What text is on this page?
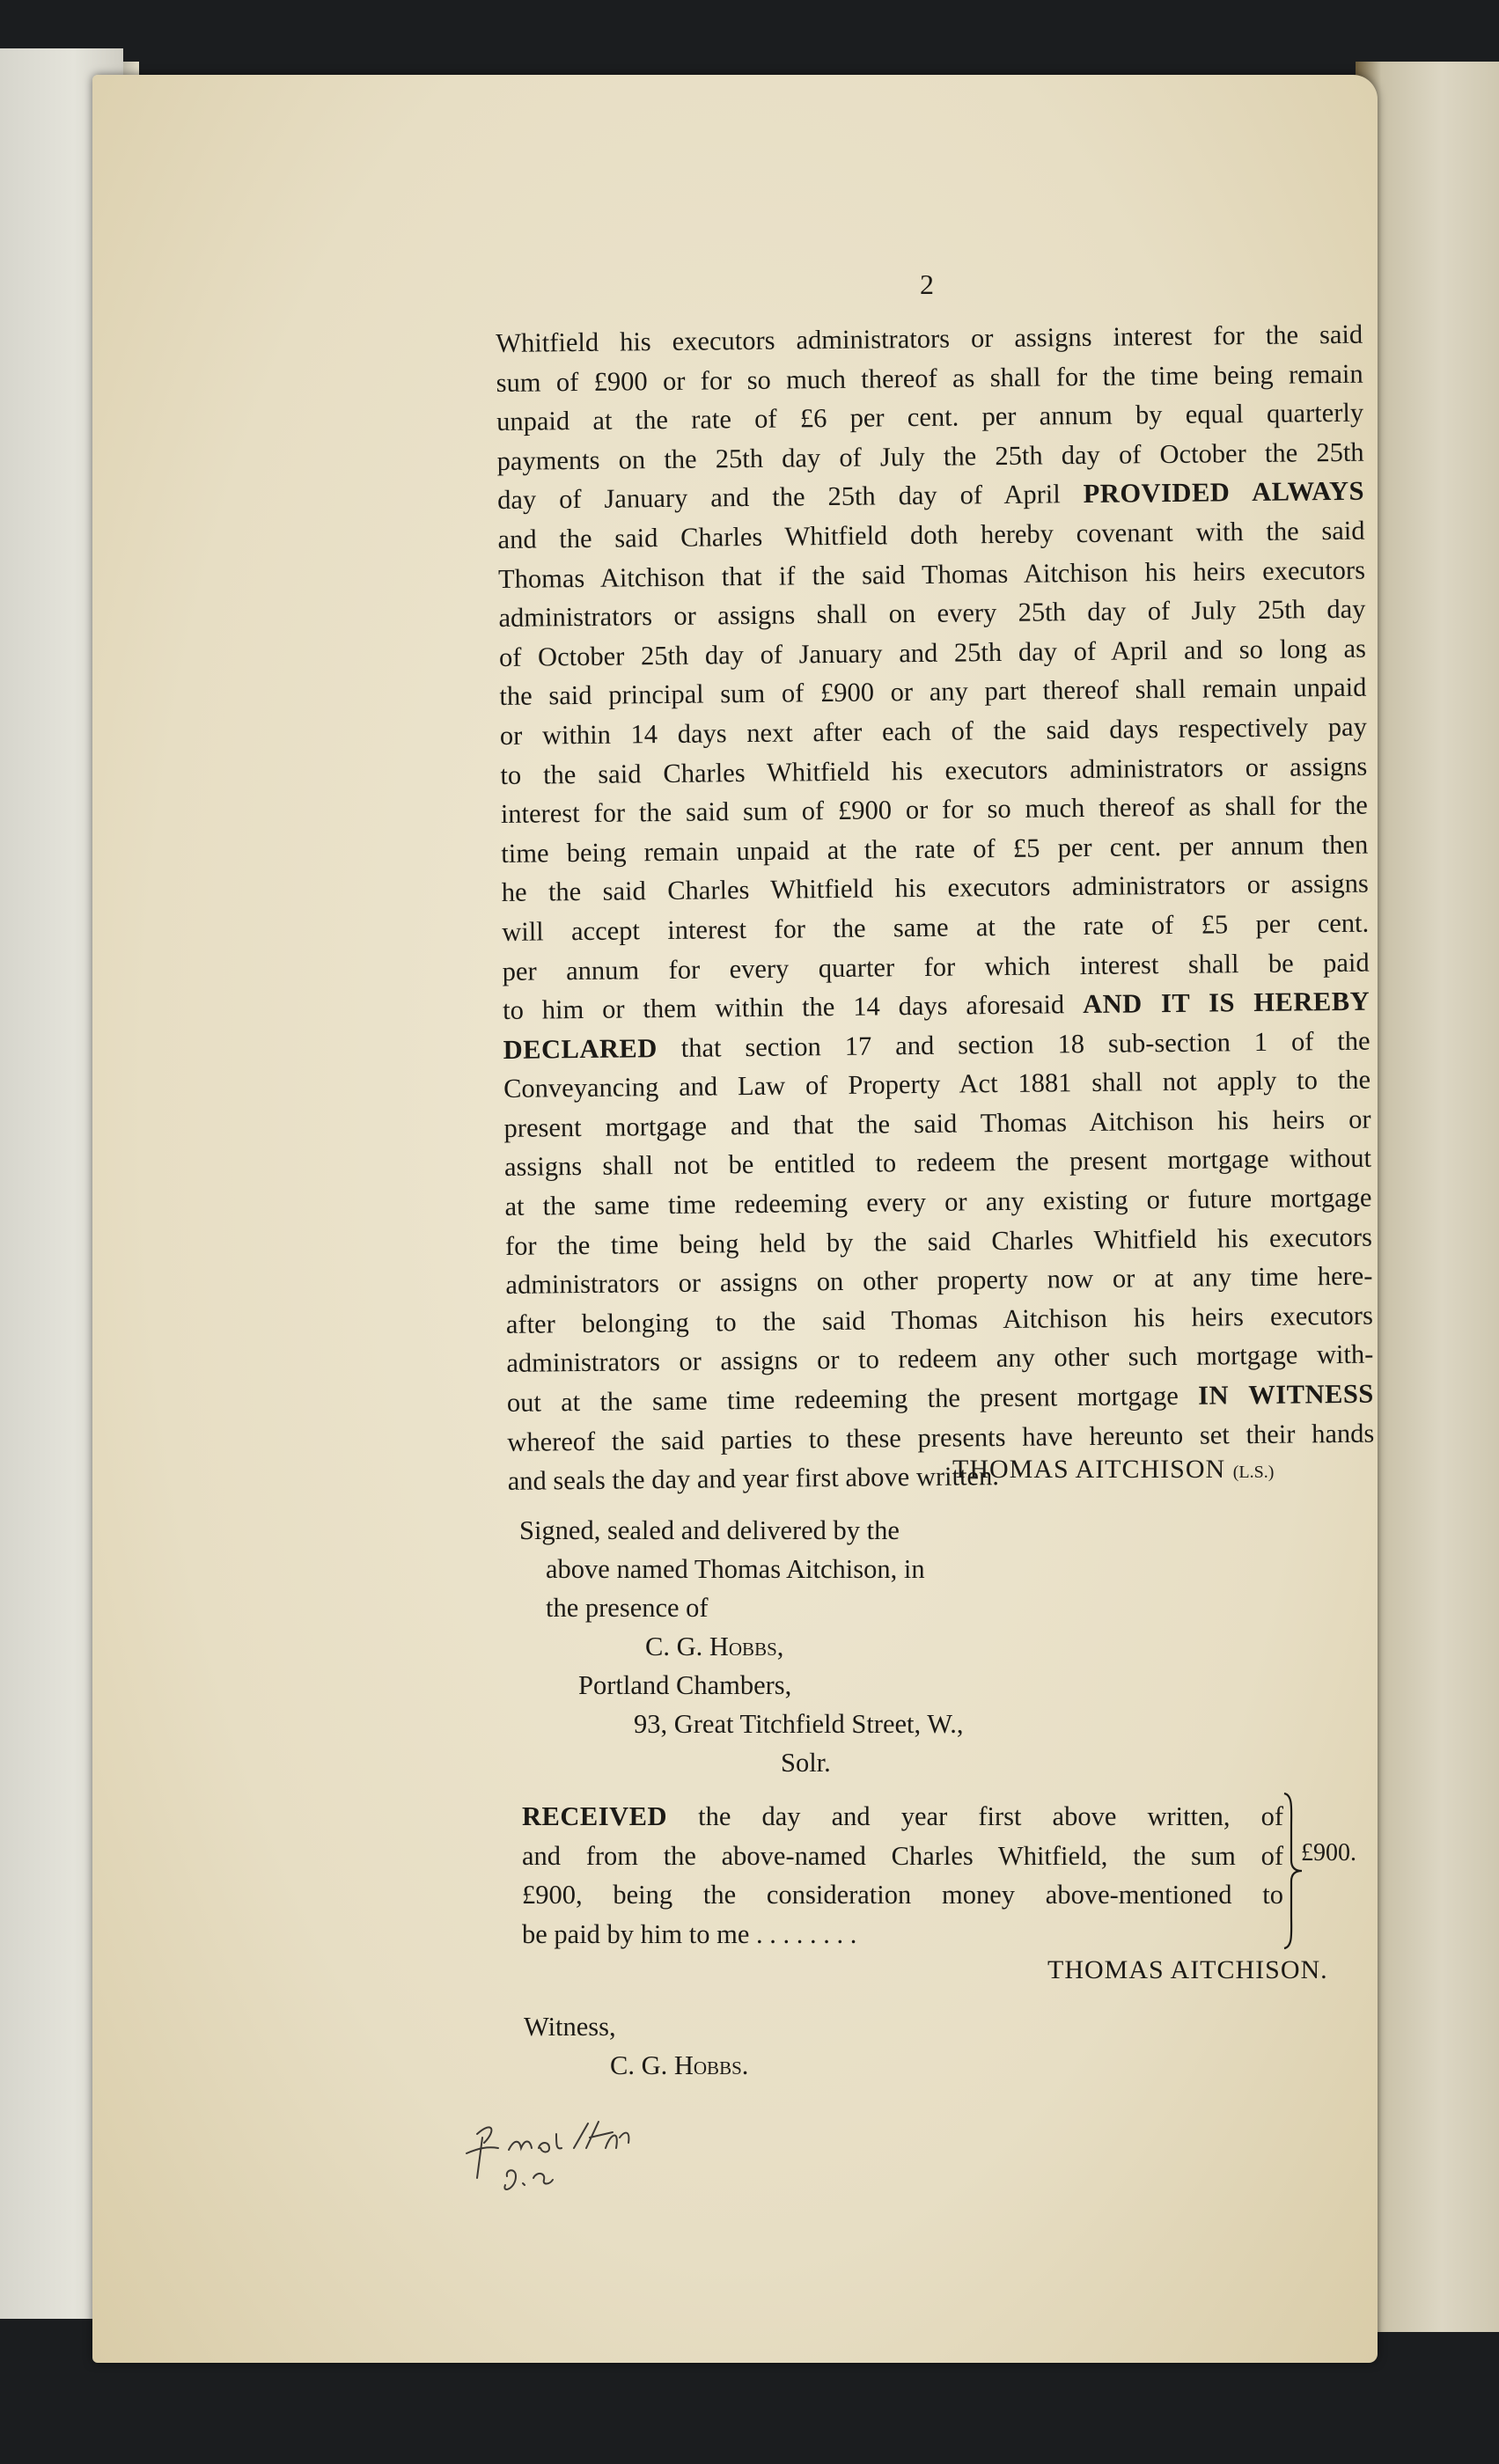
2
Whitfield his executors administrators or assigns interest for the said
sum of £900 or for so much thereof as shall for the time being remain
unpaid at the rate of £6 per cent. per annum by equal quarterly
payments on the 25th day of July the 25th day of October the 25th
day of January and the 25th day of April PROVIDED ALWAYS
and the said Charles Whitfield doth hereby covenant with the said
Thomas Aitchison that if the said Thomas Aitchison his heirs executors
administrators or assigns shall on every 25th day of July 25th day
of October 25th day of January and 25th day of April and so long as
the said principal sum of £900 or any part thereof shall remain unpaid
or within 14 days next after each of the said days respectively pay
to the said Charles Whitfield his executors administrators or assigns
interest for the said sum of £900 or for so much thereof as shall for the
time being remain unpaid at the rate of £5 per cent. per annum then
he the said Charles Whitfield his executors administrators or assigns
will accept interest for the same at the rate of £5 per cent.
per annum for every quarter for which interest shall be paid
to him or them within the 14 days aforesaid AND IT IS HEREBY
DECLARED that section 17 and section 18 sub-section 1 of the
Conveyancing and Law of Property Act 1881 shall not apply to the
present mortgage and that the said Thomas Aitchison his heirs or
assigns shall not be entitled to redeem the present mortgage without
at the same time redeeming every or any existing or future mortgage
for the time being held by the said Charles Whitfield his executors
administrators or assigns on other property now or at any time here-
after belonging to the said Thomas Aitchison his heirs executors
administrators or assigns or to redeem any other such mortgage with-
out at the same time redeeming the present mortgage IN WITNESS
whereof the said parties to these presents have hereunto set their hands
and seals the day and year first above written.
THOMAS AITCHISON (L.S.)
Signed, sealed and delivered by the
above named Thomas Aitchison, in
the presence of
C. G. Hobbs,
Portland Chambers,
93, Great Titchfield Street, W.,
Solr.
RECEIVED the day and year first above written, of
and from the above-named Charles Whitfield, the sum of
£900, being the consideration money above-mentioned to
be paid by him to me . . . . . . . .
£900.
THOMAS AITCHISON.
Witness,
C. G. Hobbs.
